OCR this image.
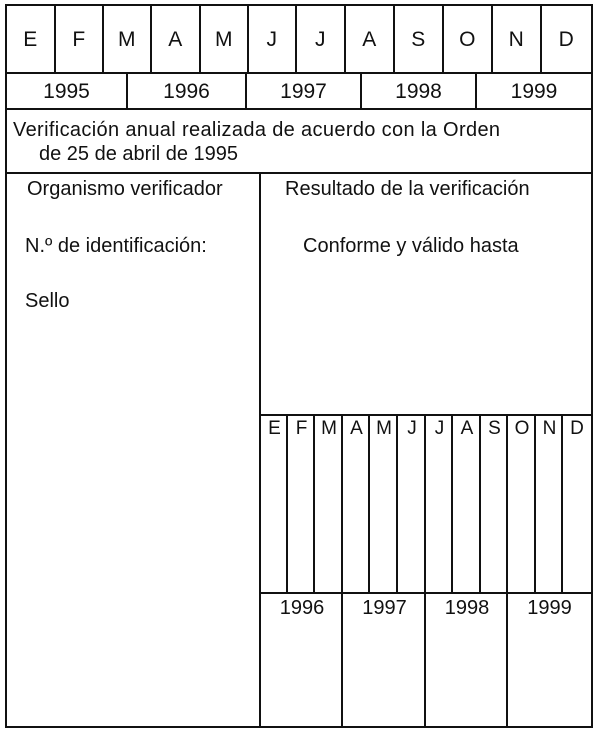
E	F	M	A	M	J	J	A	S	O	N	D
1995	1996	1997	1998	1999
Verificación anual realizada de acuerdo con la Orden
de 25 de abril de 1995
Organismo verificador
N.º de identificación:
Sello
Resultado de la verificación
Conforme y válido hasta
E F M A M J J A S O N D
1996	1997	1998	1999
